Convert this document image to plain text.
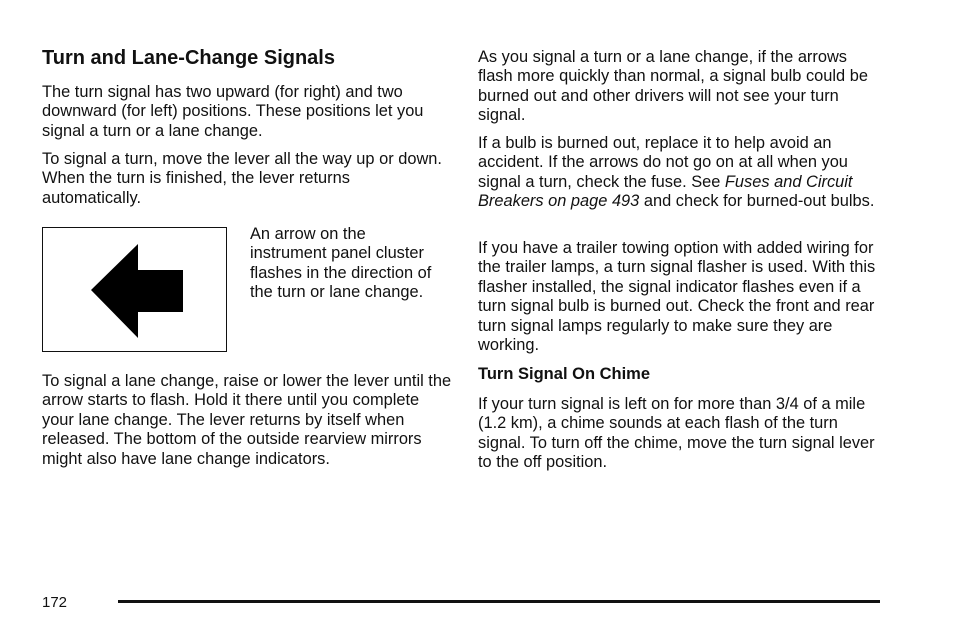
Turn and Lane-Change Signals

The turn signal has two upward (for right) and two downward (for left) positions. These positions let you signal a turn or a lane change.

To signal a turn, move the lever all the way up or down. When the turn is finished, the lever returns automatically.

An arrow on the instrument panel cluster flashes in the direction of the turn or lane change.

To signal a lane change, raise or lower the lever until the arrow starts to flash. Hold it there until you complete your lane change. The lever returns by itself when released. The bottom of the outside rearview mirrors might also have lane change indicators.

As you signal a turn or a lane change, if the arrows flash more quickly than normal, a signal bulb could be burned out and other drivers will not see your turn signal.

If a bulb is burned out, replace it to help avoid an accident. If the arrows do not go on at all when you signal a turn, check the fuse. See Fuses and Circuit Breakers on page 493 and check for burned-out bulbs.

If you have a trailer towing option with added wiring for the trailer lamps, a turn signal flasher is used. With this flasher installed, the signal indicator flashes even if a turn signal bulb is burned out. Check the front and rear turn signal lamps regularly to make sure they are working.

Turn Signal On Chime

If your turn signal is left on for more than 3/4 of a mile (1.2 km), a chime sounds at each flash of the turn signal. To turn off the chime, move the turn signal lever to the off position.

172
